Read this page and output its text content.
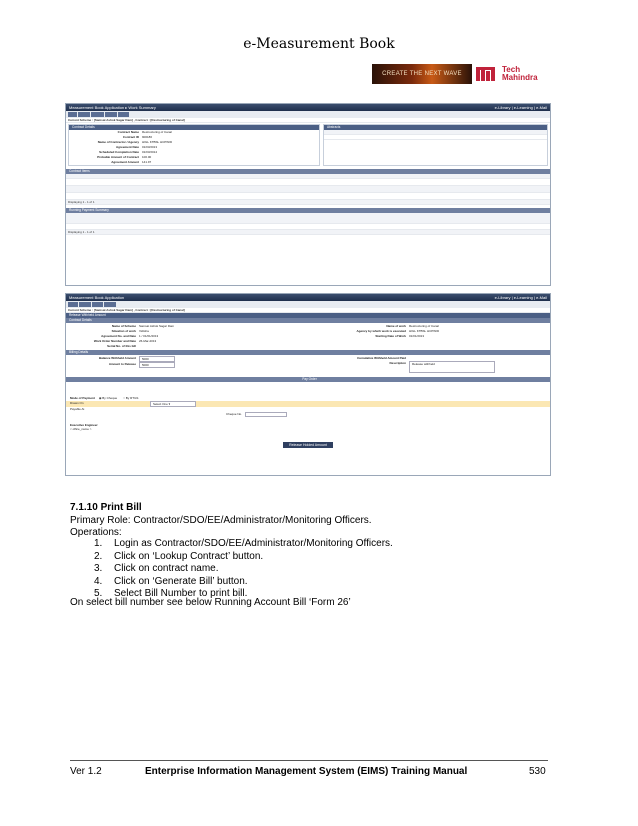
e-Measurement Book
CREATE THE NEXT WAVE	Tech
Mahindra
Measurement Book Application ▸ Work Summary	e-Library | e-Learning | e-Mail

Current Scheme : [Samsat Ashok Sagar Dam] , Contract : [Restructuring of Canal]
Contract Details
Contract Name	Restructuring of Canal
Contract ID	900186
Name of Contractor / Agency	HIGL KTBSL HCPWID
Agreement Date	01/03/2013
Scheduled Completion Date	01/03/2014
Probable Amount of Contract	100.00
Agreement Amount	141.97
Abstracts

Contract Items

Displaying 1 - 1 of 1
Running Payment Summary

Displaying 1 - 1 of 1
Measurement Book Application	e-Library | e-Learning | e-Mail

Current Scheme : [Samsat Ashok Sagar Dam] , Contract : [Restructuring of Canal]
Release Withheld Amount
Contract Details
Name of Scheme	Samsat Ashok Sagar Dam
Situation of work	Vidisha
Agreement No. and Date	1 / 01/01/2013
Work Order Number and Date	26-Mar-2013
Serial No. of this bill
Name of work	Restructuring of Canal
Agency by which work is executed	HIGL KTBSL HCPWID
Starting Date of Work	01/01/2013
Billing Details
Balance Withheld Amount	5000
Amount to Release	5000
Cumulative Withheld Amount Paid
Description	Release withheld
Pay Order
Mode of Payment	◉ By Cheque ○ By RTGS
Drawn On	Select One ▾
Payable At
Cheque No.
Executive Engineer
< office_name >
Release Holded Amount
7.1.10 Print Bill
Primary Role: Contractor/SDO/EE/Administrator/Monitoring Officers.
Operations:
1.	Login as Contractor/SDO/EE/Administrator/Monitoring Officers.
2.	Click on ‘Lookup Contract’ button.
3.	Click on contract name.
4.	Click on ‘Generate Bill’ button.
5.	Select Bill Number to print bill.
On select bill number see below Running Account Bill ‘Form 26’
Ver 1.2	Enterprise Information Management System (EIMS) Training Manual	530
